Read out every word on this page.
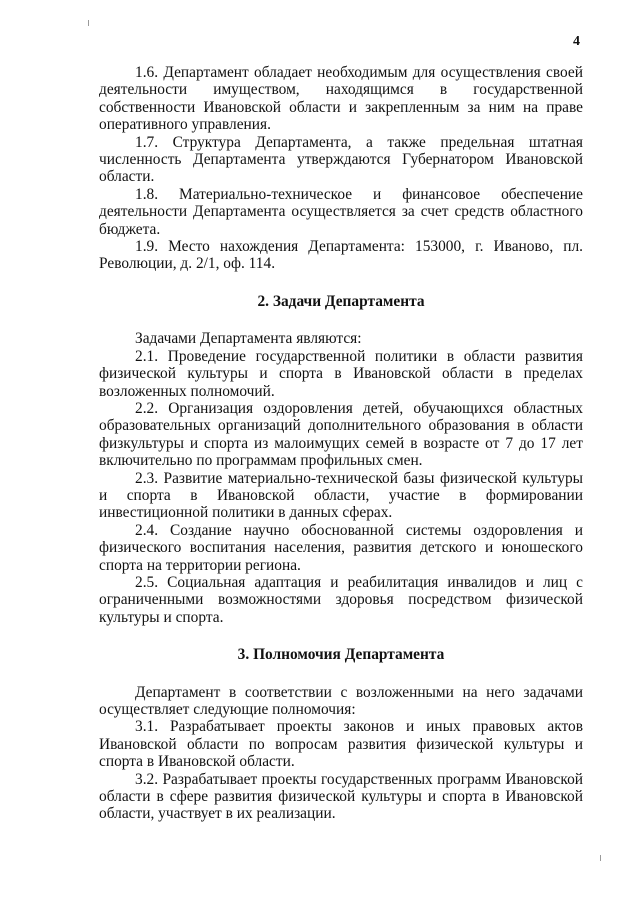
4

1.6. Департамент обладает необходимым для осуществления своей деятельности имуществом, находящимся в государственной собственности Ивановской области и закрепленным за ним на праве оперативного управления.

1.7. Структура Департамента, а также предельная штатная численность Департамента утверждаются Губернатором Ивановской области.

1.8. Материально-техническое и финансовое обеспечение деятельности Департамента осуществляется за счет средств областного бюджета.

1.9. Место нахождения Департамента: 153000, г. Иваново, пл. Революции, д. 2/1, оф. 114.

2. Задачи Департамента

Задачами Департамента являются:

2.1. Проведение государственной политики в области развития физической культуры и спорта в Ивановской области в пределах возложенных полномочий.

2.2. Организация оздоровления детей, обучающихся областных образовательных организаций дополнительного образования в области физкультуры и спорта из малоимущих семей в возрасте от 7 до 17 лет включительно по программам профильных смен.

2.3. Развитие материально-технической базы физической культуры и спорта в Ивановской области, участие в формировании инвестиционной политики в данных сферах.

2.4. Создание научно обоснованной системы оздоровления и физического воспитания населения, развития детского и юношеского спорта на территории региона.

2.5. Социальная адаптация и реабилитация инвалидов и лиц с ограниченными возможностями здоровья посредством физической культуры и спорта.

3. Полномочия Департамента

Департамент в соответствии с возложенными на него задачами осуществляет следующие полномочия:

3.1. Разрабатывает проекты законов и иных правовых актов Ивановской области по вопросам развития физической культуры и спорта в Ивановской области.

3.2. Разрабатывает проекты государственных программ Ивановской области в сфере развития физической культуры и спорта в Ивановской области, участвует в их реализации.
